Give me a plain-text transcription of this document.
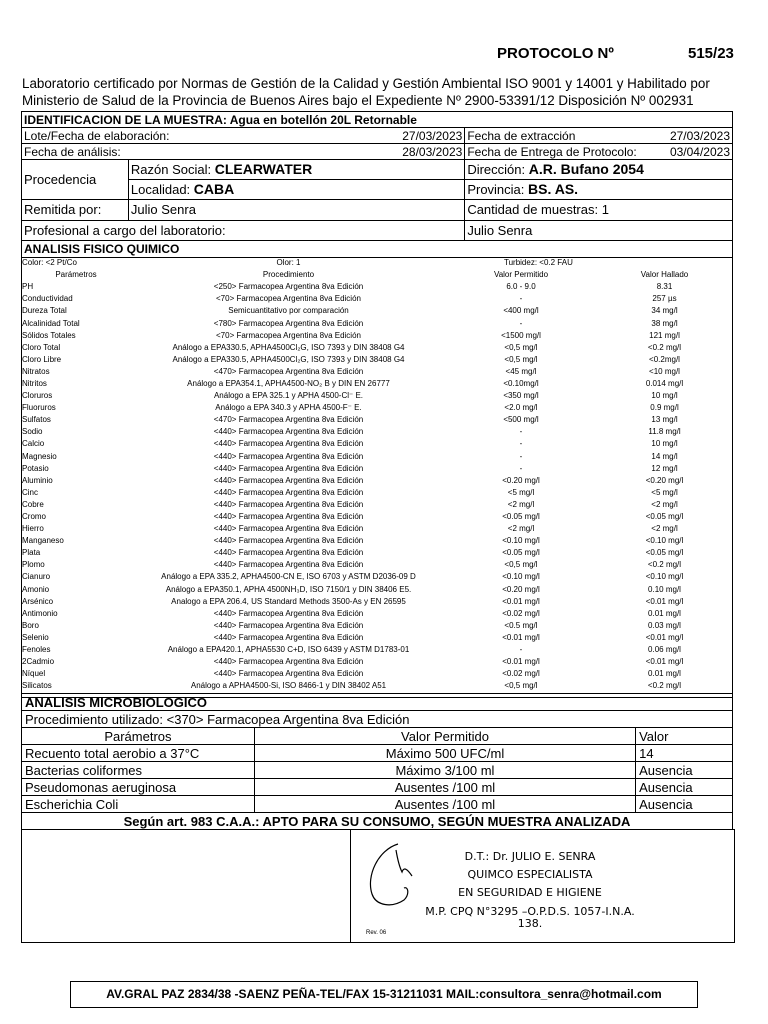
PROTOCOLO Nº	515/23
Laboratorio certificado por Normas de Gestión de la Calidad y Gestión Ambiental ISO 9001 y 14001 y Habilitado por Ministerio de Salud de la Provincia de Buenos Aires bajo el Expediente Nº 2900-53391/12 Disposición Nº 002931
IDENTIFICACION DE LA MUESTRA: Agua en botellón 20L Retornable		
Lote/Fecha de elaboración: 27/03/2023		Fecha de extracción 27/03/2023

Fecha de análisis: 28/03/2023		Fecha de Entrega de Protocolo: 03/04/2023

Procedencia	Razón Social: CLEARWATER	Dirección: A.R. Bufano 2054
	Localidad: CABA	Provincia: BS. AS.
Remitida por:	Julio Senra	Cantidad de muestras: 1
Profesional a cargo del laboratorio:		Julio Senra
ANALISIS FISICO QUIMICO		

Color: <2 Pt/Co	Olor: 1	Turbidez: <0.2 FAU	
Parámetros	Procedimiento	Valor Permitido	Valor Hallado
PH	<250> Farmacopea Argentina 8va Edición	6.0 - 9.0	8.31
Conductividad	<70> Farmacopea Argentina 8va Edición	-	257 µs
Dureza Total	Semicuantitativo por comparación	<400 mg/l	34 mg/l
Alcalinidad Total	<780> Farmacopea Argentina 8va Edición	-	38 mg/l
Sólidos Totales	<70> Farmacopea Argentina 8va Edición	<1500 mg/l	121 mg/l
Cloro Total	Análogo a EPA330.5, APHA4500Cl₂G, ISO 7393 y DIN 38408 G4	<0,5 mg/l	<0.2 mg/l
Cloro Libre	Análogo a EPA330.5, APHA4500Cl₂G, ISO 7393 y DIN 38408 G4	<0,5 mg/l	<0.2mg/l
Nitratos	<470> Farmacopea Argentina 8va Edición	<45 mg/l	<10 mg/l
Nitritos	Análogo a EPA354.1, APHA4500-NO₂ B y DIN EN 26777	<0.10mg/l	0.014 mg/l
Cloruros	Análogo a EPA 325.1 y APHA 4500-Cl⁻ E.	<350 mg/l	10 mg/l
Fluoruros	Análogo a EPA 340.3 y APHA 4500-F⁻ E.	<2.0 mg/l	0.9 mg/l
Sulfatos	<470> Farmacopea Argentina 8va Edición	<500 mg/l	13 mg/l
Sodio	<440> Farmacopea Argentina 8va Edición	-	11.8 mg/l
Calcio	<440> Farmacopea Argentina 8va Edición	-	10 mg/l
Magnesio	<440> Farmacopea Argentina 8va Edición	-	14 mg/l
Potasio	<440> Farmacopea Argentina 8va Edición	-	12 mg/l
Aluminio	<440> Farmacopea Argentina 8va Edición	<0.20 mg/l	<0.20 mg/l
Cinc	<440> Farmacopea Argentina 8va Edición	<5 mg/l	<5 mg/l
Cobre	<440> Farmacopea Argentina 8va Edición	<2 mg/l	<2 mg/l
Cromo	<440> Farmacopea Argentina 8va Edición	<0.05 mg/l	<0.05 mg/l
Hierro	<440> Farmacopea Argentina 8va Edición	<2 mg/l	<2 mg/l
Manganeso	<440> Farmacopea Argentina 8va Edición	<0.10 mg/l	<0.10 mg/l
Plata	<440> Farmacopea Argentina 8va Edición	<0.05 mg/l	<0.05 mg/l
Plomo	<440> Farmacopea Argentina 8va Edición	<0,5 mg/l	<0.2 mg/l
Cianuro	Análogo a EPA 335.2, APHA4500-CN E, ISO 6703 y ASTM D2036-09 D	<0.10 mg/l	<0.10 mg/l
Amonio	Análogo a EPA350.1, APHA 4500NH₃D, ISO 7150/1 y DIN 38406 E5.	<0.20 mg/l	0.10 mg/l
Arsénico	Analogo a EPA 206.4, US Standard Methods 3500-As y EN 26595	<0.01 mg/l	<0.01 mg/l
Antimonio	<440> Farmacopea Argentina 8va Edición	<0.02 mg/l	0.01 mg/l
Boro	<440> Farmacopea Argentina 8va Edición	<0.5 mg/l	0.03 mg/l
Selenio	<440> Farmacopea Argentina 8va Edición	<0.01 mg/l	<0.01 mg/l
Fenoles	Análogo a EPA420.1, APHA5530 C+D, ISO 6439 y ASTM D1783-01	-	0.06 mg/l
2Cadmio	<440> Farmacopea Argentina 8va Edición	<0.01 mg/l	<0.01 mg/l
Níquel	<440> Farmacopea Argentina 8va Edición	<0.02 mg/l	0.01 mg/l
Silicatos	Análogo a APHA4500-Si, ISO 8466-1 y DIN 38402 A51	<0,5 mg/l	<0.2 mg/l
ANALISIS MICROBIOLOGICO		
Procedimiento utilizado: <370> Farmacopea Argentina 8va Edición		
Parámetros	Valor Permitido	Valor
Recuento total aerobio a 37°C	Máximo 500 UFC/ml	14
Bacterias coliformes	Máximo 3/100 ml	Ausencia
Pseudomonas aeruginosa	Ausentes /100 ml	Ausencia
Escherichia Coli	Ausentes /100 ml	Ausencia
Según art. 983 C.A.A.: APTO PARA SU CONSUMO, SEGÚN MUESTRA ANALIZADA		
D.T.: Dr. JULIO E. SENRA
QUIMCO ESPECIALISTA
EN SEGURIDAD E HIGIENE
M.P. CPQ N°3295 –O.P.D.S. 1057-I.N.A.
138.
Rev. 06
AV.GRAL PAZ 2834/38 -SAENZ PEÑA-TEL/FAX 15-31211031 MAIL:consultora_senra@hotmail.com
